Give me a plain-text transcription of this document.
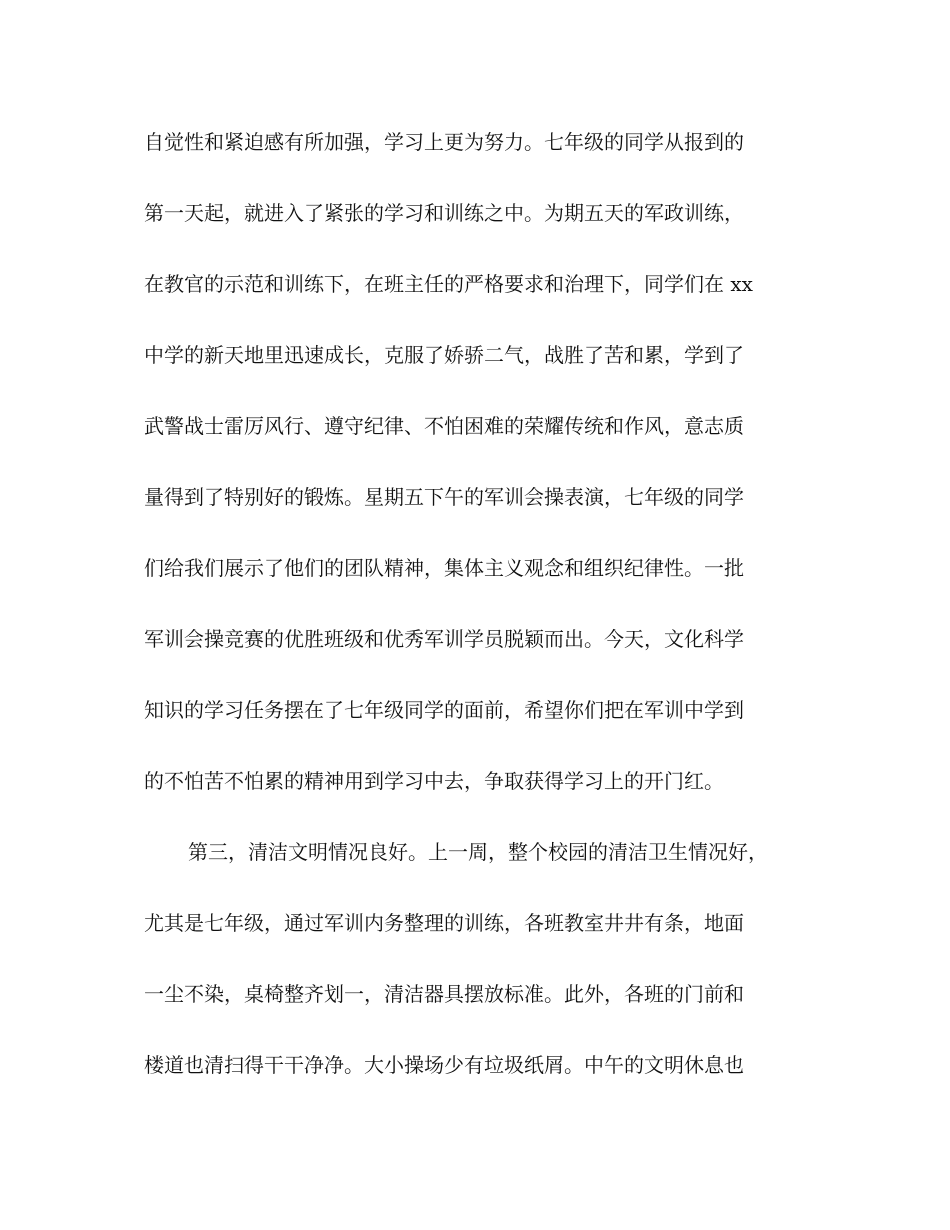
自觉性和紧迫感有所加强，学习上更为努力。七年级的同学从报到的

第一天起，就进入了紧张的学习和训练之中。为期五天的军政训练，

在教官的示范和训练下，在班主任的严格要求和治理下，同学们在 xx

中学的新天地里迅速成长，克服了娇骄二气，战胜了苦和累，学到了

武警战士雷厉风行、遵守纪律、不怕困难的荣耀传统和作风，意志质

量得到了特别好的锻炼。星期五下午的军训会操表演，七年级的同学

们给我们展示了他们的团队精神，集体主义观念和组织纪律性。一批

军训会操竞赛的优胜班级和优秀军训学员脱颖而出。今天，文化科学

知识的学习任务摆在了七年级同学的面前，希望你们把在军训中学到

的不怕苦不怕累的精神用到学习中去，争取获得学习上的开门红。

第三，清洁文明情况良好。上一周，整个校园的清洁卫生情况好，

尤其是七年级，通过军训内务整理的训练，各班教室井井有条，地面

一尘不染，桌椅整齐划一，清洁器具摆放标准。此外，各班的门前和

楼道也清扫得干干净净。大小操场少有垃圾纸屑。中午的文明休息也
